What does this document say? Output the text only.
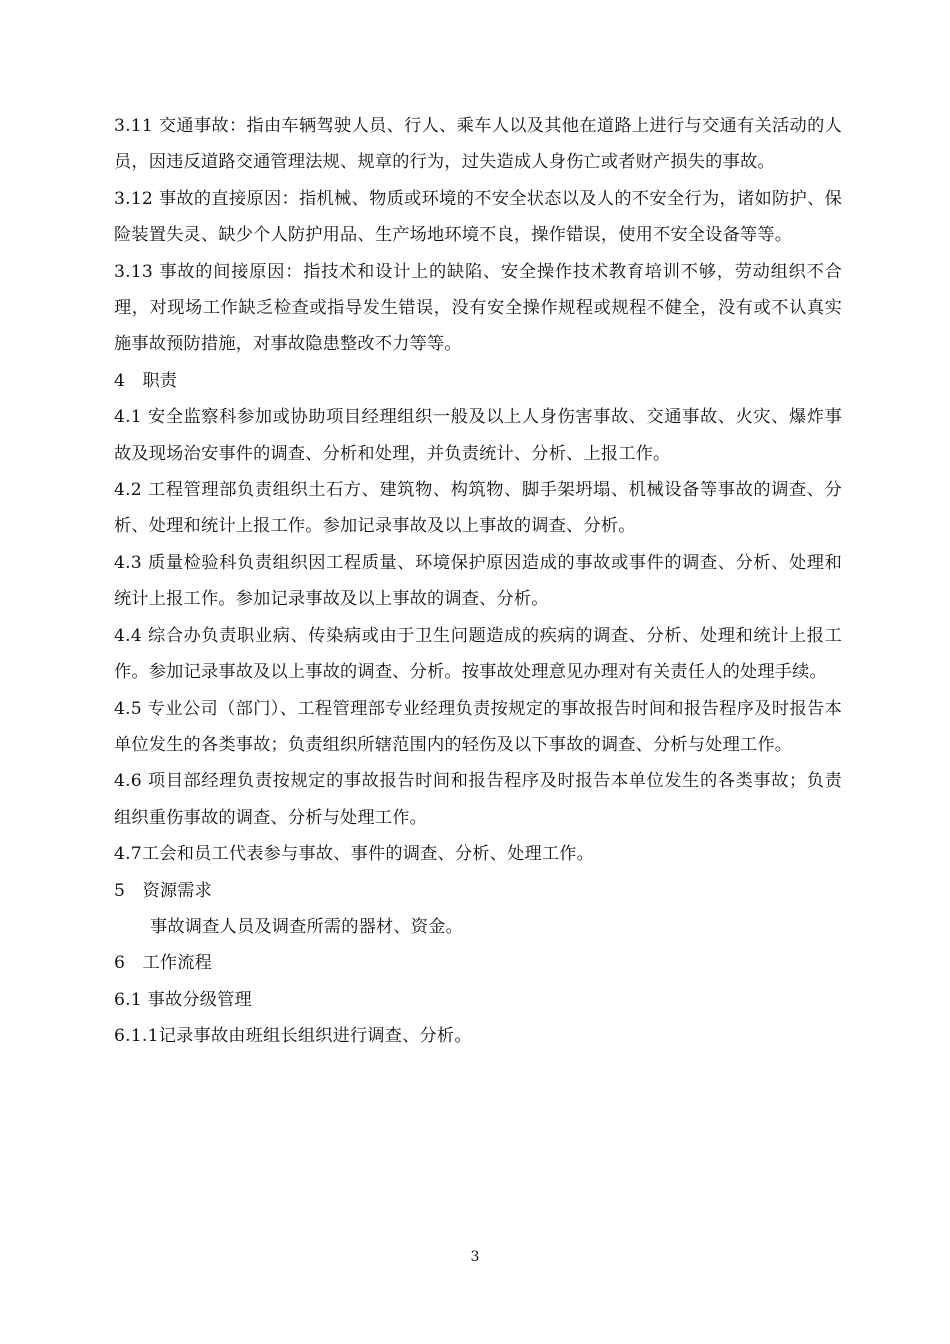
3.11 交通事故：指由车辆驾驶人员、行人、乘车人以及其他在道路上进行与交通有关活动的人员，因违反道路交通管理法规、规章的行为，过失造成人身伤亡或者财产损失的事故。

3.12 事故的直接原因：指机械、物质或环境的不安全状态以及人的不安全行为，诸如防护、保险装置失灵、缺少个人防护用品、生产场地环境不良，操作错误，使用不安全设备等等。

3.13 事故的间接原因：指技术和设计上的缺陷、安全操作技术教育培训不够，劳动组织不合理，对现场工作缺乏检查或指导发生错误，没有安全操作规程或规程不健全，没有或不认真实施事故预防措施，对事故隐患整改不力等等。

4　职责

4.1 安全监察科参加或协助项目经理组织一般及以上人身伤害事故、交通事故、火灾、爆炸事故及现场治安事件的调查、分析和处理，并负责统计、分析、上报工作。

4.2 工程管理部负责组织土石方、建筑物、构筑物、脚手架坍塌、机械设备等事故的调查、分析、处理和统计上报工作。参加记录事故及以上事故的调查、分析。

4.3 质量检验科负责组织因工程质量、环境保护原因造成的事故或事件的调查、分析、处理和统计上报工作。参加记录事故及以上事故的调查、分析。

4.4 综合办负责职业病、传染病或由于卫生问题造成的疾病的调查、分析、处理和统计上报工作。参加记录事故及以上事故的调查、分析。按事故处理意见办理对有关责任人的处理手续。

4.5 专业公司（部门）、工程管理部专业经理负责按规定的事故报告时间和报告程序及时报告本单位发生的各类事故；负责组织所辖范围内的轻伤及以下事故的调查、分析与处理工作。

4.6 项目部经理负责按规定的事故报告时间和报告程序及时报告本单位发生的各类事故；负责组织重伤事故的调查、分析与处理工作。

4.7工会和员工代表参与事故、事件的调查、分析、处理工作。

5　资源需求

事故调查人员及调查所需的器材、资金。

6　工作流程

6.1 事故分级管理

6.1.1记录事故由班组长组织进行调查、分析。

3
